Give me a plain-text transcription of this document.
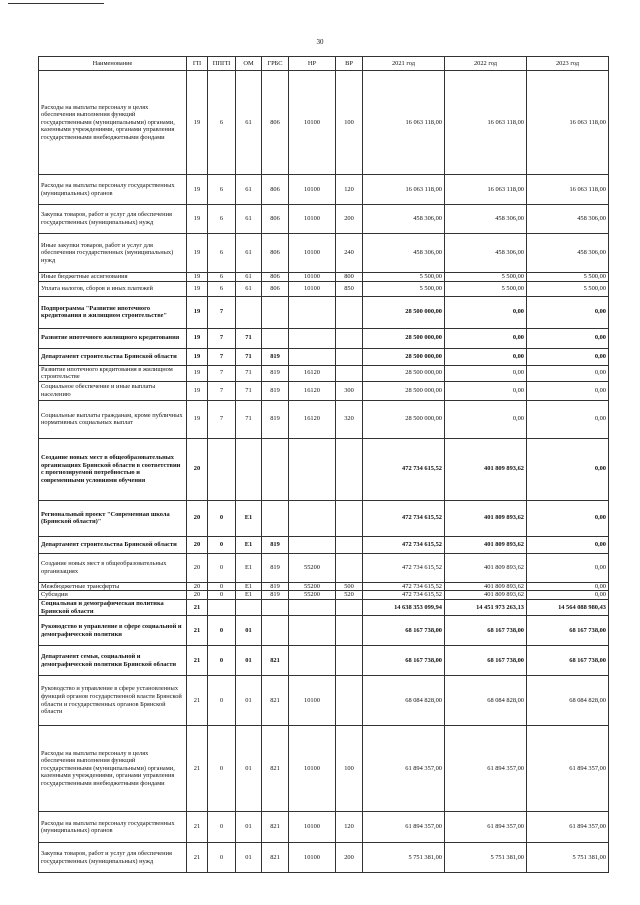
30
Наименование	ГП	ППГП	ОМ	ГРБС	НР	ВР	2021 год	2022 год	2023 год
Расходы на выплаты персоналу в целях обеспечения выполнения функций государственными (муниципальными) органами, казенными учреждениями, органами управления государственными внебюджетными фондами	19	6	61	806	10100	100	16 063 118,00	16 063 118,00	16 063 118,00
Расходы на выплаты персоналу государственных (муниципальных) органов	19	6	61	806	10100	120	16 063 118,00	16 063 118,00	16 063 118,00
Закупка товаров, работ и услуг для обеспечения государственных (муниципальных) нужд	19	6	61	806	10100	200	458 306,00	458 306,00	458 306,00
Иные закупки товаров, работ и услуг для обеспечения государственных (муниципальных) нужд	19	6	61	806	10100	240	458 306,00	458 306,00	458 306,00
Иные бюджетные ассигнования	19	6	61	806	10100	800	5 500,00	5 500,00	5 500,00
Уплата налогов, сборов и иных платежей	19	6	61	806	10100	850	5 500,00	5 500,00	5 500,00
Подпрограмма "Развитие ипотечного кредитования в жилищном строительстве"	19	7					28 500 000,00	0,00	0,00
Развитие ипотечного жилищного кредитования	19	7	71				28 500 000,00	0,00	0,00
Департамент строительства Брянской области	19	7	71	819			28 500 000,00	0,00	0,00
Развитие ипотечного кредитования в жилищном строительстве	19	7	71	819	16120		28 500 000,00	0,00	0,00
Социальное обеспечение и иные выплаты населению	19	7	71	819	16120	300	28 500 000,00	0,00	0,00
Социальные выплаты гражданам, кроме публичных нормативных социальных выплат	19	7	71	819	16120	320	28 500 000,00	0,00	0,00
Создание новых мест в общеобразовательных организациях Брянской области в соответствии с прогнозируемой потребностью и современными условиями обучения	20						472 734 615,52	401 809 893,62	0,00
Региональный проект "Современная школа (Брянской области)"	20	0	E1				472 734 615,52	401 809 893,62	0,00
Департамент строительства Брянской области	20	0	E1	819			472 734 615,52	401 809 893,62	0,00
Создание новых мест в общеобразовательных организациях	20	0	E1	819	55200		472 734 615,52	401 809 893,62	0,00
Межбюджетные трансферты	20	0	E1	819	55200	500	472 734 615,52	401 809 893,62	0,00
Субсидии	20	0	E1	819	55200	520	472 734 615,52	401 809 893,62	0,00
Социальная и демографическая политика Брянской области	21						14 638 353 099,94	14 451 973 263,13	14 564 088 980,43
Руководство и управление в сфере социальной и демографической политики	21	0	01				68 167 738,00	68 167 738,00	68 167 738,00
Департамент семьи, социальной и демографической политики Брянской области	21	0	01	821			68 167 738,00	68 167 738,00	68 167 738,00
Руководство и управление в сфере установленных функций органов государственной власти Брянской области и государственных органов Брянской области	21	0	01	821	10100		68 084 828,00	68 084 828,00	68 084 828,00
Расходы на выплаты персоналу в целях обеспечения выполнения функций государственными (муниципальными) органами, казенными учреждениями, органами управления государственными внебюджетными фондами	21	0	01	821	10100	100	61 894 357,00	61 894 357,00	61 894 357,00
Расходы на выплаты персоналу государственных (муниципальных) органов	21	0	01	821	10100	120	61 894 357,00	61 894 357,00	61 894 357,00
Закупка товаров, работ и услуг для обеспечения государственных (муниципальных) нужд	21	0	01	821	10100	200	5 751 381,00	5 751 381,00	5 751 381,00
